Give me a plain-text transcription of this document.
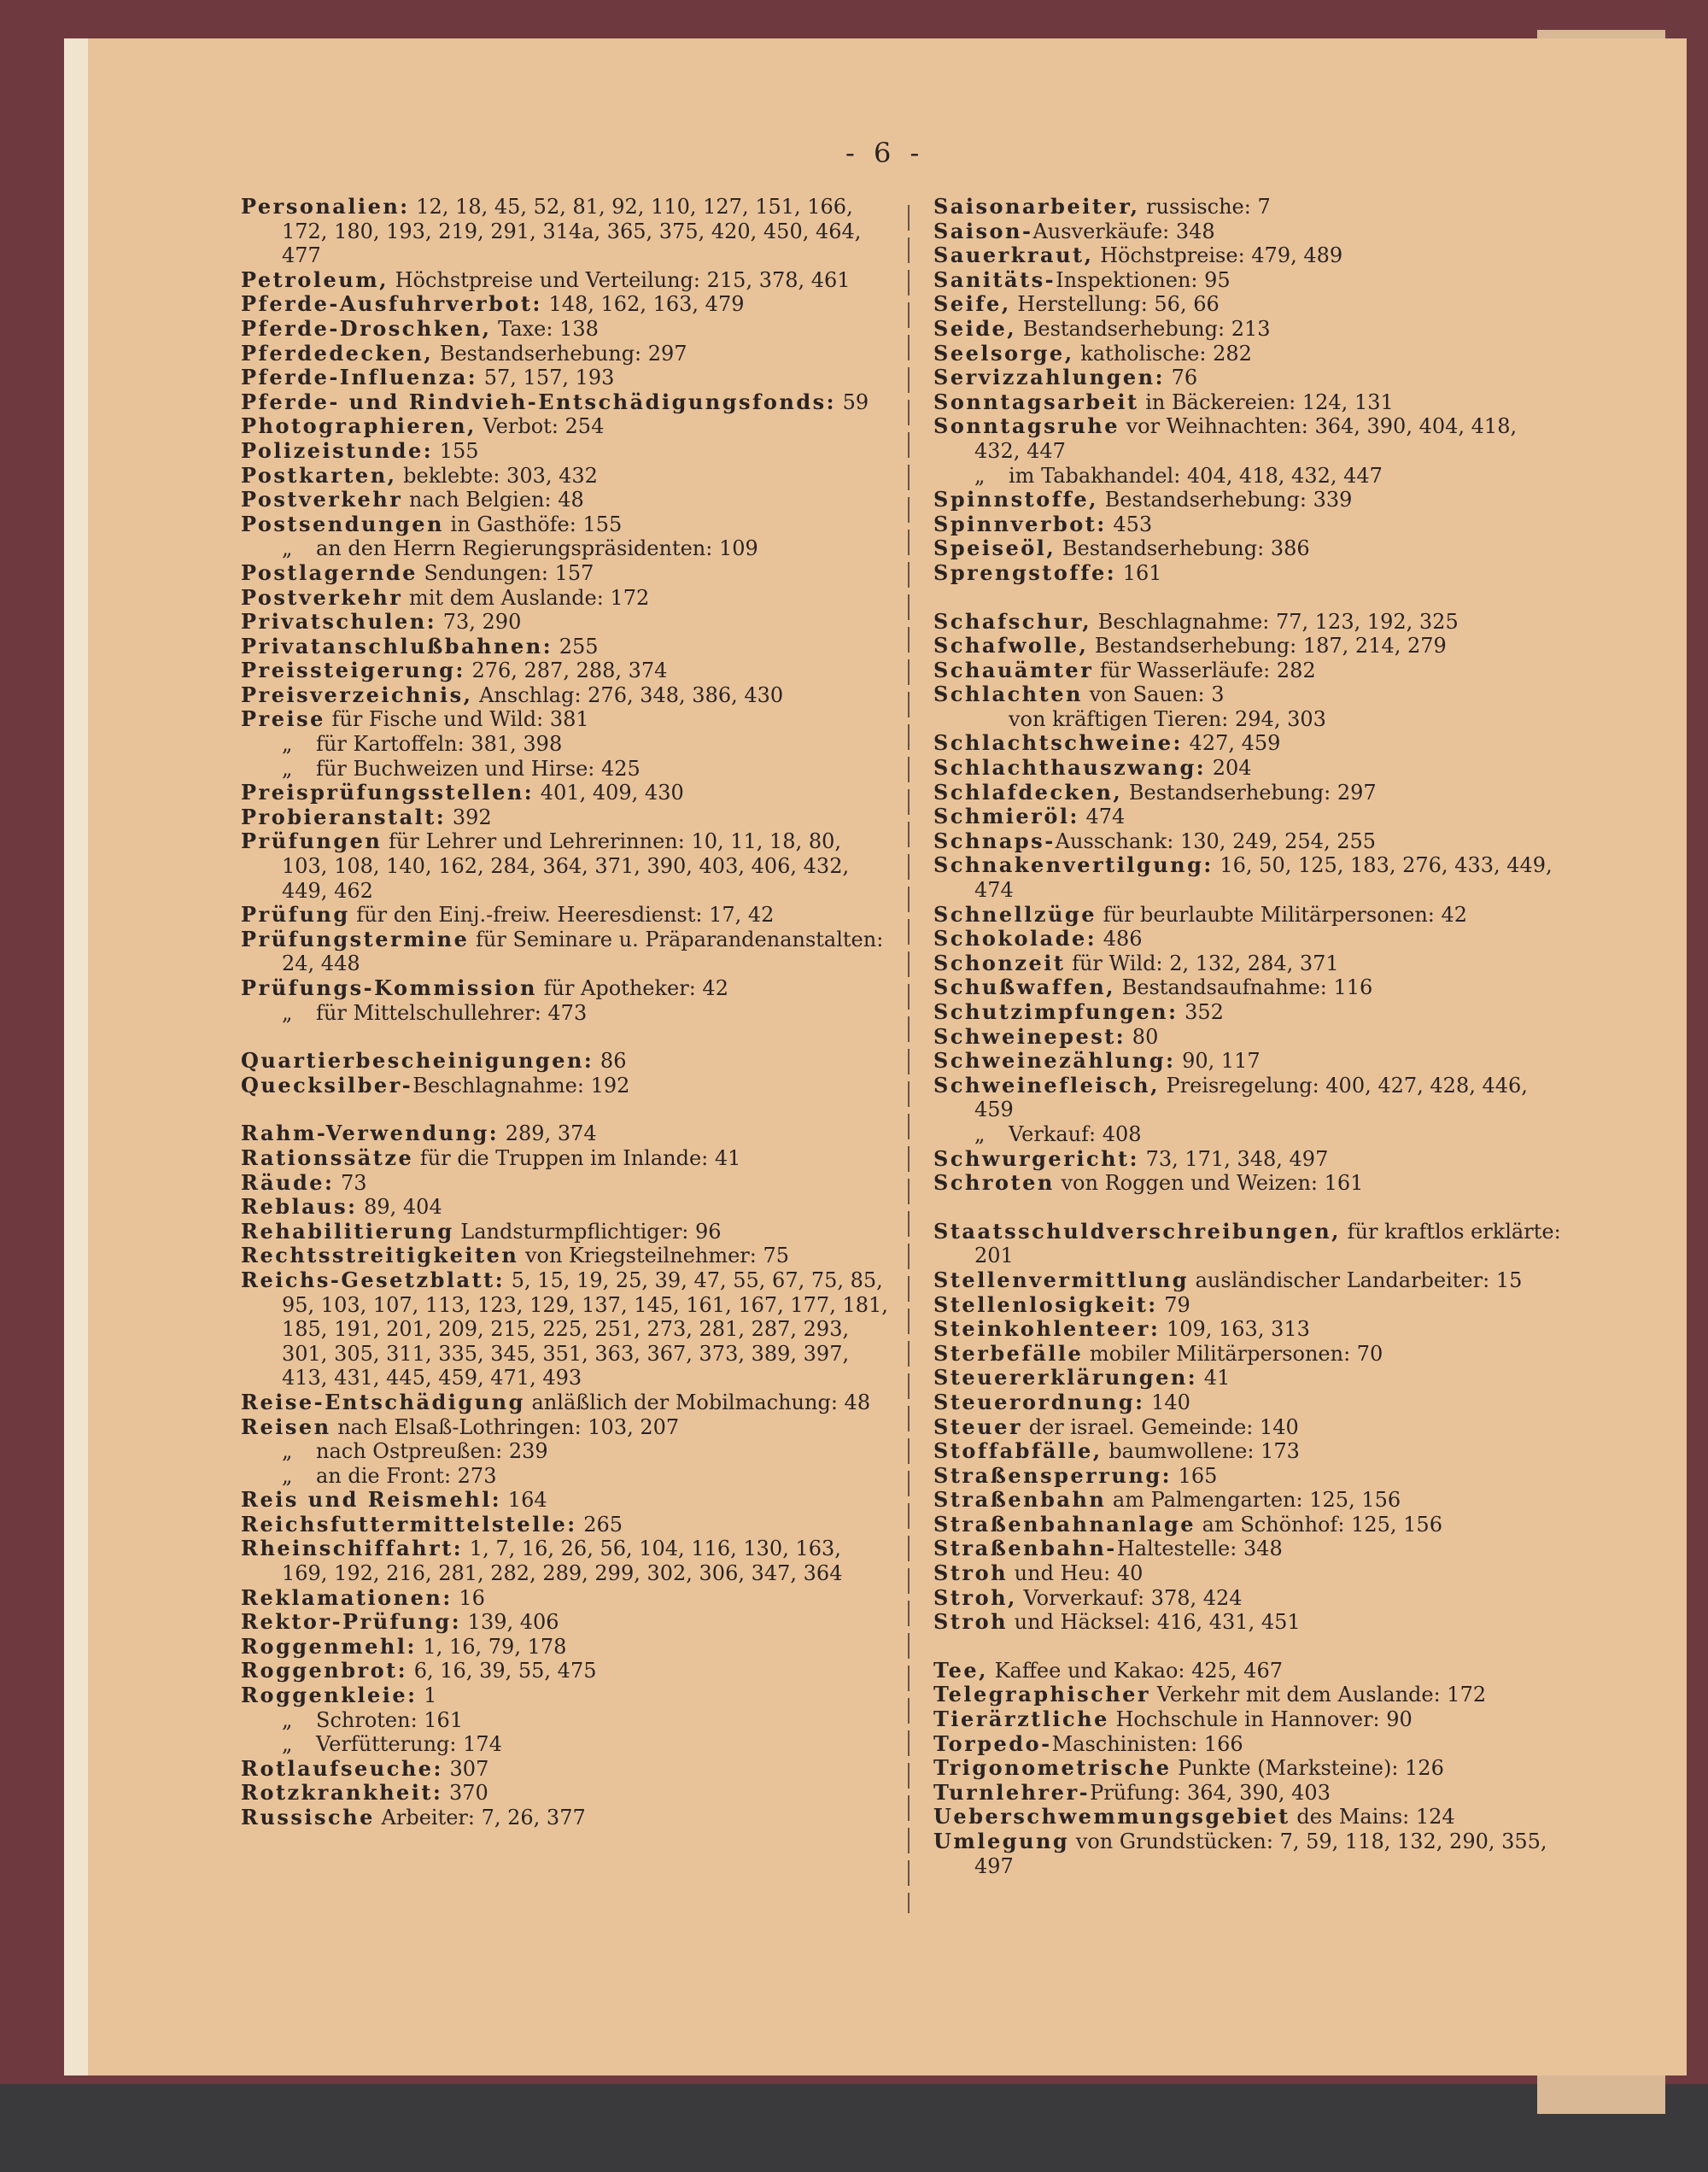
- 6 -

Personalien: 12, 18, 45, 52, 81, 92, 110, 127, 151, 166, 172, 180, 193, 219, 291, 314a, 365, 375, 420, 450, 464, 477

Petroleum, Höchstpreise und Verteilung: 215, 378, 461

Pferde-Ausfuhrverbot: 148, 162, 163, 479

Pferde-Droschken, Taxe: 138

Pferdedecken, Bestandserhebung: 297

Pferde-Influenza: 57, 157, 193

Pferde- und Rindvieh-Entschädigungsfonds: 59

Photographieren, Verbot: 254

Polizeistunde: 155

Postkarten, beklebte: 303, 432

Postverkehr nach Belgien: 48

Postsendungen in Gasthöfe: 155

„ an den Herrn Regierungspräsidenten: 109

Postlagernde Sendungen: 157

Postverkehr mit dem Auslande: 172

Privatschulen: 73, 290

Privatanschlußbahnen: 255

Preissteigerung: 276, 287, 288, 374

Preisverzeichnis, Anschlag: 276, 348, 386, 430

Preise für Fische und Wild: 381

„ für Kartoffeln: 381, 398

„ für Buchweizen und Hirse: 425

Preisprüfungsstellen: 401, 409, 430

Probieranstalt: 392

Prüfungen für Lehrer und Lehrerinnen: 10, 11, 18, 80, 103, 108, 140, 162, 284, 364, 371, 390, 403, 406, 432, 449, 462

Prüfung für den Einj.-freiw. Heeresdienst: 17, 42

Prüfungstermine für Seminare u. Präparandenanstalten: 24, 448

Prüfungs-Kommission für Apotheker: 42

„ für Mittelschullehrer: 473

Quartierbescheinigungen: 86

Quecksilber-Beschlagnahme: 192

Rahm-Verwendung: 289, 374

Rationssätze für die Truppen im Inlande: 41

Räude: 73

Reblaus: 89, 404

Rehabilitierung Landsturmpflichtiger: 96

Rechtsstreitigkeiten von Kriegsteilnehmer: 75

Reichs-Gesetzblatt: 5, 15, 19, 25, 39, 47, 55, 67, 75, 85, 95, 103, 107, 113, 123, 129, 137, 145, 161, 167, 177, 181, 185, 191, 201, 209, 215, 225, 251, 273, 281, 287, 293, 301, 305, 311, 335, 345, 351, 363, 367, 373, 389, 397, 413, 431, 445, 459, 471, 493

Reise-Entschädigung anläßlich der Mobilmachung: 48

Reisen nach Elsaß-Lothringen: 103, 207

„ nach Ostpreußen: 239

„ an die Front: 273

Reis und Reismehl: 164

Reichsfuttermittelstelle: 265

Rheinschiffahrt: 1, 7, 16, 26, 56, 104, 116, 130, 163, 169, 192, 216, 281, 282, 289, 299, 302, 306, 347, 364

Reklamationen: 16

Rektor-Prüfung: 139, 406

Roggenmehl: 1, 16, 79, 178

Roggenbrot: 6, 16, 39, 55, 475

Roggenkleie: 1

„ Schroten: 161

„ Verfütterung: 174

Rotlaufseuche: 307

Rotzkrankheit: 370

Russische Arbeiter: 7, 26, 377

Saisonarbeiter, russische: 7

Saison-Ausverkäufe: 348

Sauerkraut, Höchstpreise: 479, 489

Sanitäts-Inspektionen: 95

Seife, Herstellung: 56, 66

Seide, Bestandserhebung: 213

Seelsorge, katholische: 282

Servizzahlungen: 76

Sonntagsarbeit in Bäckereien: 124, 131

Sonntagsruhe vor Weihnachten: 364, 390, 404, 418, 432, 447

„ im Tabakhandel: 404, 418, 432, 447

Spinnstoffe, Bestandserhebung: 339

Spinnverbot: 453

Speiseöl, Bestandserhebung: 386

Sprengstoffe: 161

Schafschur, Beschlagnahme: 77, 123, 192, 325

Schafwolle, Bestandserhebung: 187, 214, 279

Schauämter für Wasserläufe: 282

Schlachten von Sauen: 3

von kräftigen Tieren: 294, 303

Schlachtschweine: 427, 459

Schlachthauszwang: 204

Schlafdecken, Bestandserhebung: 297

Schmieröl: 474

Schnaps-Ausschank: 130, 249, 254, 255

Schnakenvertilgung: 16, 50, 125, 183, 276, 433, 449, 474

Schnellzüge für beurlaubte Militärpersonen: 42

Schokolade: 486

Schonzeit für Wild: 2, 132, 284, 371

Schußwaffen, Bestandsaufnahme: 116

Schutzimpfungen: 352

Schweinepest: 80

Schweinezählung: 90, 117

Schweinefleisch, Preisregelung: 400, 427, 428, 446, 459

„ Verkauf: 408

Schwurgericht: 73, 171, 348, 497

Schroten von Roggen und Weizen: 161

Staatsschuldverschreibungen, für kraftlos erklärte: 201

Stellenvermittlung ausländischer Landarbeiter: 15

Stellenlosigkeit: 79

Steinkohlenteer: 109, 163, 313

Sterbefälle mobiler Militärpersonen: 70

Steuererklärungen: 41

Steuerordnung: 140

Steuer der israel. Gemeinde: 140

Stoffabfälle, baumwollene: 173

Straßensperrung: 165

Straßenbahn am Palmengarten: 125, 156

Straßenbahnanlage am Schönhof: 125, 156

Straßenbahn-Haltestelle: 348

Stroh und Heu: 40

Stroh, Vorverkauf: 378, 424

Stroh und Häcksel: 416, 431, 451

Tee, Kaffee und Kakao: 425, 467

Telegraphischer Verkehr mit dem Auslande: 172

Tierärztliche Hochschule in Hannover: 90

Torpedo-Maschinisten: 166

Trigonometrische Punkte (Marksteine): 126

Turnlehrer-Prüfung: 364, 390, 403

Ueberschwemmungsgebiet des Mains: 124

Umlegung von Grundstücken: 7, 59, 118, 132, 290, 355, 497
